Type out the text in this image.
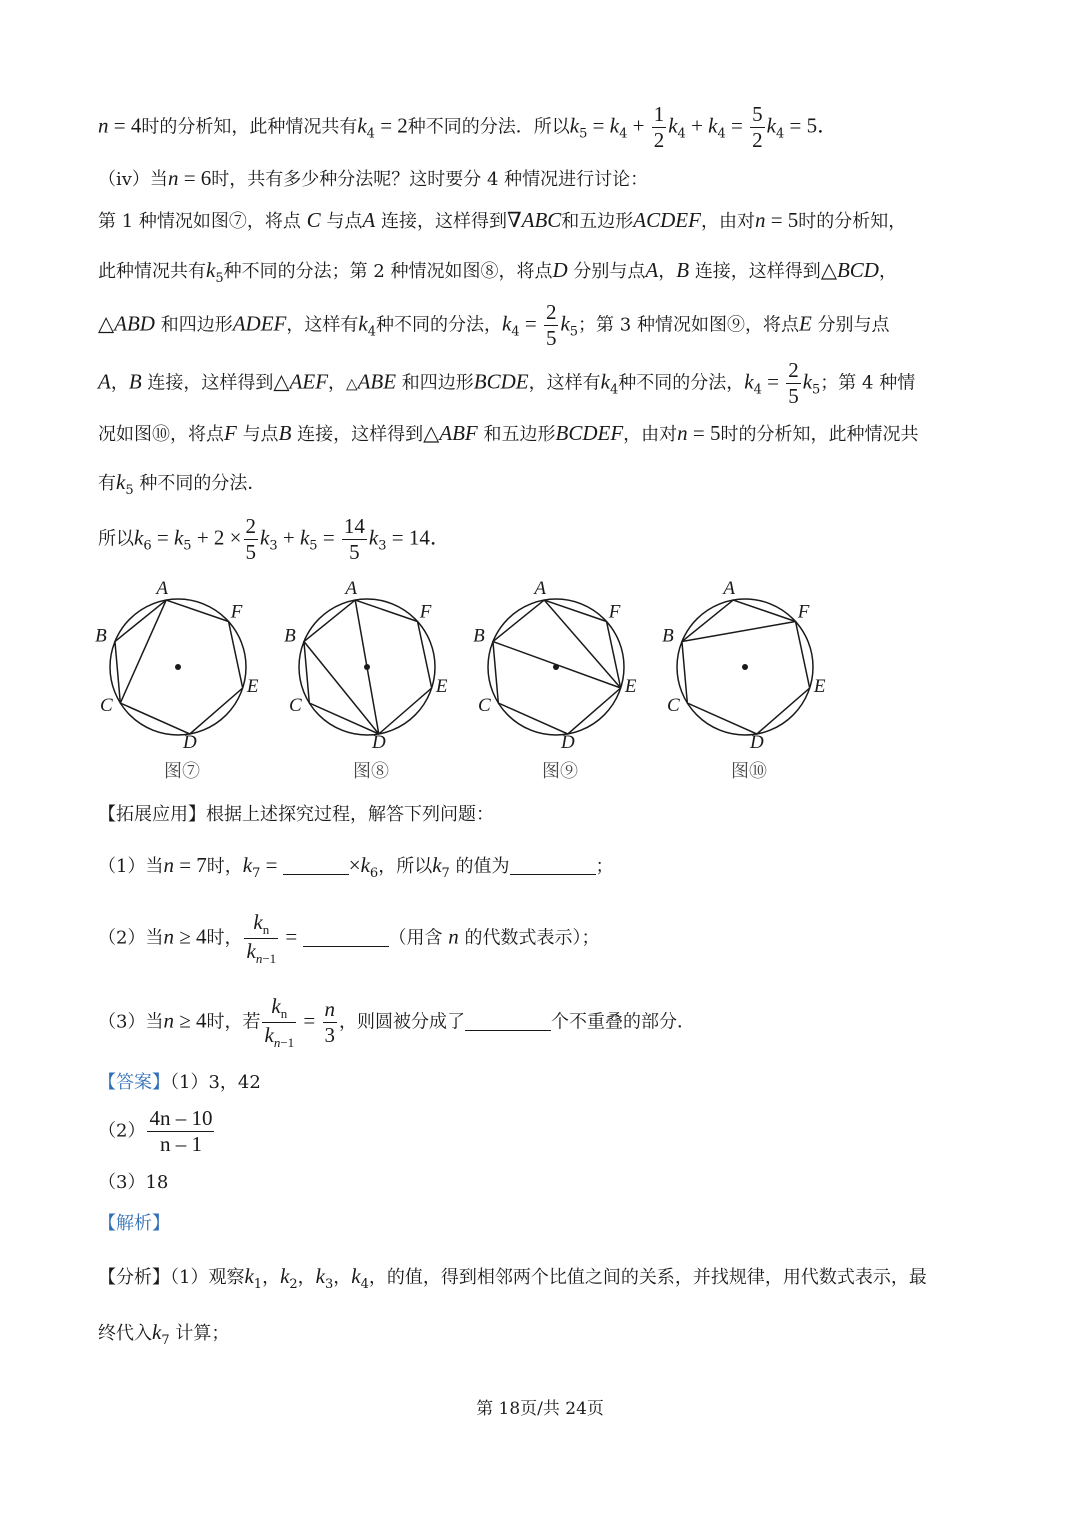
n = 4时的分析知，此种情况共有$k_4 = 2$种不同的分法．所以$k_5 = k_4 + \frac{1}{2} k_4 + k_4 = \frac{5}{2} k_4 = 5$．
（iv）当n = 6时，共有多少种分法呢？这时要分 4 种情况进行讨论：
第 1 种情况如图⑦，将点 C 与点A 连接，这样得到∇ABC和五边形ACDEF，由对n = 5时的分析知，
此种情况共有$k_5$种不同的分法；第 2 种情况如图⑧，将点D 分别与点A，B 连接，这样得到△BCD，
△ABD 和四边形ADEF，这样有$k_4$种不同的分法，$k_4 = \frac{2}{5} k_5$；第 3 种情况如图⑨，将点E 分别与点
A，B 连接，这样得到△AEF，△ABE 和四边形BCDE，这样有$k_4$种不同的分法，$k_4 = \frac{2}{5} k_5$；第 4 种情
况如图⑩，将点F 与点B 连接，这样得到△ABF 和五边形BCDEF，由对n = 5时的分析知，此种情况共
有$k_5$ 种不同的分法．
所以$k_6 = k_5 + 2 \times \frac{2}{5} k_3 + k_5 = \frac{14}{5} k_3 = 14$．
A
F
E
D
C
B
图⑦
A
F
E
D
C
B
图⑧
A
F
E
D
C
B
图⑨
A
F
E
D
C
B
图⑩
【拓展应用】根据上述探究过程，解答下列问题：
（1）当n = 7时，$k_7$ =	$\times k_6$，所以$k_7$ 的值为	；
（2）当n ≥ 4时， $\frac{k_n}{k_{n-1}}$ =	（用含 n 的代数式表示）；
（3）当n ≥ 4时，若 $\frac{k_n}{k_{n-1}} = \frac{n}{3}$ ，则圆被分成了	个不重叠的部分．
【答案】（1）3，42
$(2) \frac{4n - 10}{n - 1}$
（3）18
【解析】
【分析】（1）观察$k_1$，$k_2$，$k_3$，$k_4$，的值，得到相邻两个比值之间的关系，并找规律，用代数式表示，最
终代入$k_7$ 计算；
第 18页/共 24页
